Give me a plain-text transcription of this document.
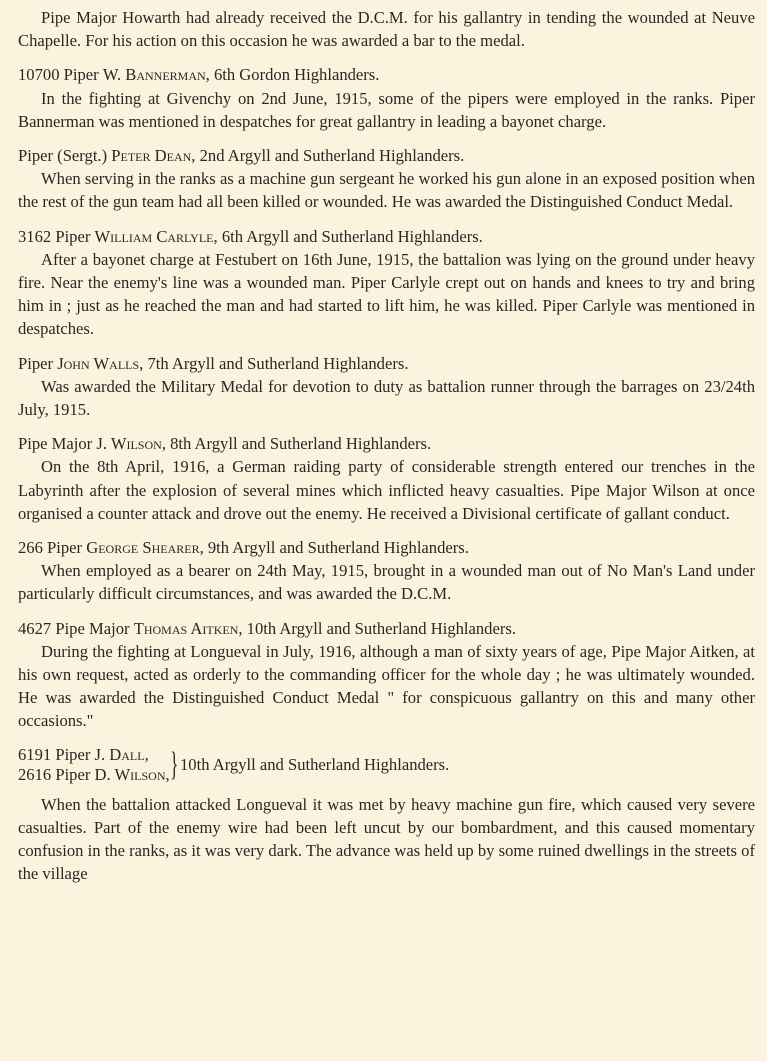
Pipe Major Howarth had already received the D.C.M. for his gallantry in tending the wounded at Neuve Chapelle. For his action on this occasion he was awarded a bar to the medal.

10700 Piper W. Bannerman, 6th Gordon Highlanders.

In the fighting at Givenchy on 2nd June, 1915, some of the pipers were employed in the ranks. Piper Bannerman was mentioned in despatches for great gallantry in leading a bayonet charge.

Piper (Sergt.) Peter Dean, 2nd Argyll and Sutherland Highlanders.

When serving in the ranks as a machine gun sergeant he worked his gun alone in an exposed position when the rest of the gun team had all been killed or wounded. He was awarded the Distinguished Conduct Medal.

3162 Piper William Carlyle, 6th Argyll and Sutherland Highlanders.

After a bayonet charge at Festubert on 16th June, 1915, the battalion was lying on the ground under heavy fire. Near the enemy's line was a wounded man. Piper Carlyle crept out on hands and knees to try and bring him in ; just as he reached the man and had started to lift him, he was killed. Piper Carlyle was mentioned in despatches.

Piper John Walls, 7th Argyll and Sutherland Highlanders.

Was awarded the Military Medal for devotion to duty as battalion runner through the barrages on 23/24th July, 1915.

Pipe Major J. Wilson, 8th Argyll and Sutherland Highlanders.

On the 8th April, 1916, a German raiding party of considerable strength entered our trenches in the Labyrinth after the explosion of several mines which inflicted heavy casualties. Pipe Major Wilson at once organised a counter attack and drove out the enemy. He received a Divisional certificate of gallant conduct.

266 Piper George Shearer, 9th Argyll and Sutherland Highlanders.

When employed as a bearer on 24th May, 1915, brought in a wounded man out of No Man's Land under particularly difficult circumstances, and was awarded the D.C.M.

4627 Pipe Major Thomas Aitken, 10th Argyll and Sutherland Highlanders.

During the fighting at Longueval in July, 1916, although a man of sixty years of age, Pipe Major Aitken, at his own request, acted as orderly to the commanding officer for the whole day ; he was ultimately wounded. He was awarded the Distinguished Conduct Medal " for conspicuous gallantry on this and many other occasions."

6191 Piper J. Dall,
2616 Piper D. Wilson, } 10th Argyll and Sutherland Highlanders.

When the battalion attacked Longueval it was met by heavy machine gun fire, which caused very severe casualties. Part of the enemy wire had been left uncut by our bombardment, and this caused momentary confusion in the ranks, as it was very dark. The advance was held up by some ruined dwellings in the streets of the village
